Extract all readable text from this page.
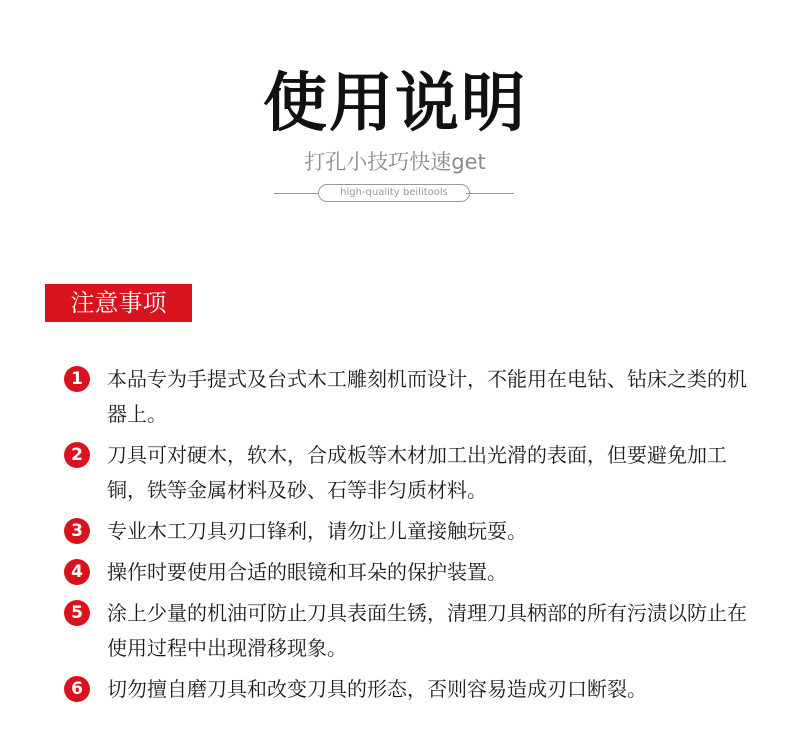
使用说明
打孔小技巧快速get
high-quality beilitools
注意事项
1	本品专为手提式及台式木工雕刻机而设计，不能用在电钻、钻床之类的机器上。
2	刀具可对硬木，软木，合成板等木材加工出光滑的表面，但要避免加工铜，铁等金属材料及砂、石等非匀质材料。
3	专业木工刀具刃口锋利，请勿让儿童接触玩耍。
4	操作时要使用合适的眼镜和耳朵的保护装置。
5	涂上少量的机油可防止刀具表面生锈，清理刀具柄部的所有污渍以防止在使用过程中出现滑移现象。
6	切勿擅自磨刀具和改变刀具的形态，否则容易造成刃口断裂。
